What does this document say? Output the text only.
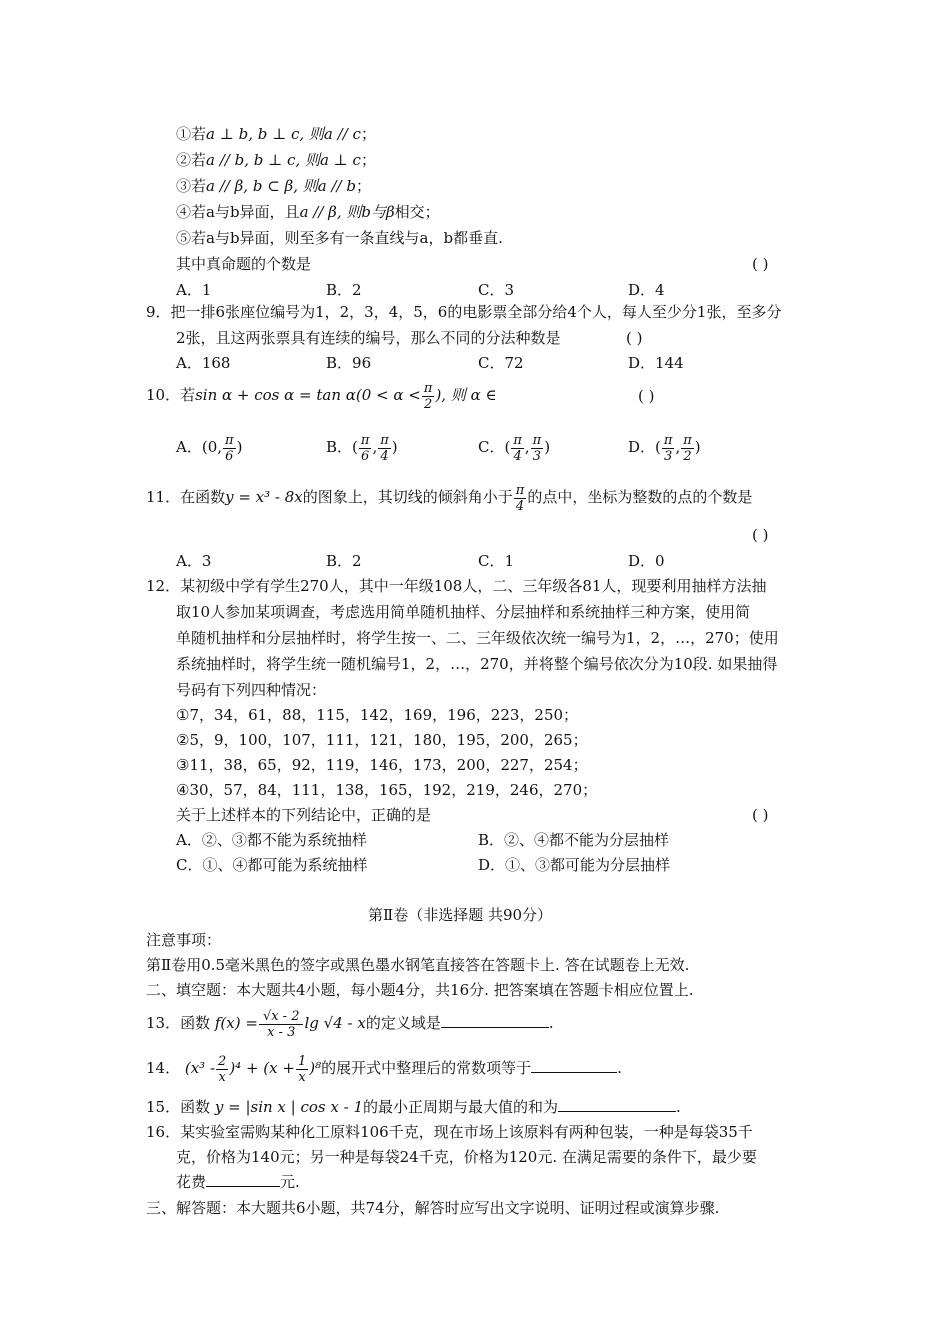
①若a ⊥ b, b ⊥ c, 则a // c；
②若a // b, b ⊥ c, 则a ⊥ c；
③若a // β, b ⊂ β, 则a // b；
④若a与b异面，且a // β, 则b与β相交；
⑤若a与b异面，则至多有一条直线与a，b都垂直.
其中真命题的个数是	( )
A．1	B．2	C．3	D．4
9．把一排6张座位编号为1，2，3，4，5，6的电影票全部分给4个人，每人至少分1张，至多分
2张，且这两张票具有连续的编号，那么不同的分法种数是	( )
A．168	B．96	C．72	D．144
10．若$\sin \alpha + \cos \alpha = \tan \alpha(0 < \alpha < \frac{\pi}{2}$ ), 则 α ∈	( )
A．(0, $\frac{\pi}{6}$ )	B．( $\frac{\pi}{6}$ , $\frac{\pi}{4}$ )	C．( $\frac{\pi}{4}$ , $\frac{\pi}{3}$ )	D．( $\frac{\pi}{3}$ , $\frac{\pi}{2}$ )
11．在函数y = x³ - 8x的图象上，其切线的倾斜角小于 $\frac{\pi}{4}$ 的点中，坐标为整数的点的个数是
( )
A．3	B．2	C．1	D．0
12．某初级中学有学生270人，其中一年级108人，二、三年级各81人，现要利用抽样方法抽
取10人参加某项调查，考虑选用简单随机抽样、分层抽样和系统抽样三种方案，使用简
单随机抽样和分层抽样时，将学生按一、二、三年级依次统一编号为1，2，…，270；使用
系统抽样时，将学生统一随机编号1，2，…，270，并将整个编号依次分为10段. 如果抽得
号码有下列四种情况：
①7，34，61，88，115，142，169，196，223，250；
②5，9，100，107，111，121，180，195，200，265；
③11，38，65，92，119，146，173，200，227，254；
④30，57，84，111，138，165，192，219，246，270；
关于上述样本的下列结论中，正确的是	( )
A．②、③都不能为系统抽样	B．②、④都不能为分层抽样
C．①、④都可能为系统抽样	D．①、③都可能为分层抽样
第Ⅱ卷（非选择题 共90分）
注意事项：
第Ⅱ卷用0.5毫米黑色的签字或黑色墨水钢笔直接答在答题卡上. 答在试题卷上无效.
二、填空题：本大题共4小题，每小题4分，共16分. 把答案填在答题卡相应位置上.
13．函数 $f(x) = \frac{√x - 2}{x - 3}$ lg √4 - x的定义域是	.
14． $(x^3 - \frac{2}{x} )^4 + (x + \frac{1}{x} )^8$的展开式中整理后的常数项等于	.
15．函数 y = |sin x | cos x - 1的最小正周期与最大值的和为	.
16．某实验室需购某种化工原料106千克，现在市场上该原料有两种包装，一种是每袋35千
克，价格为140元；另一种是每袋24千克，价格为120元. 在满足需要的条件下，最少要
花费	元.
三、解答题：本大题共6小题，共74分，解答时应写出文字说明、证明过程或演算步骤.
